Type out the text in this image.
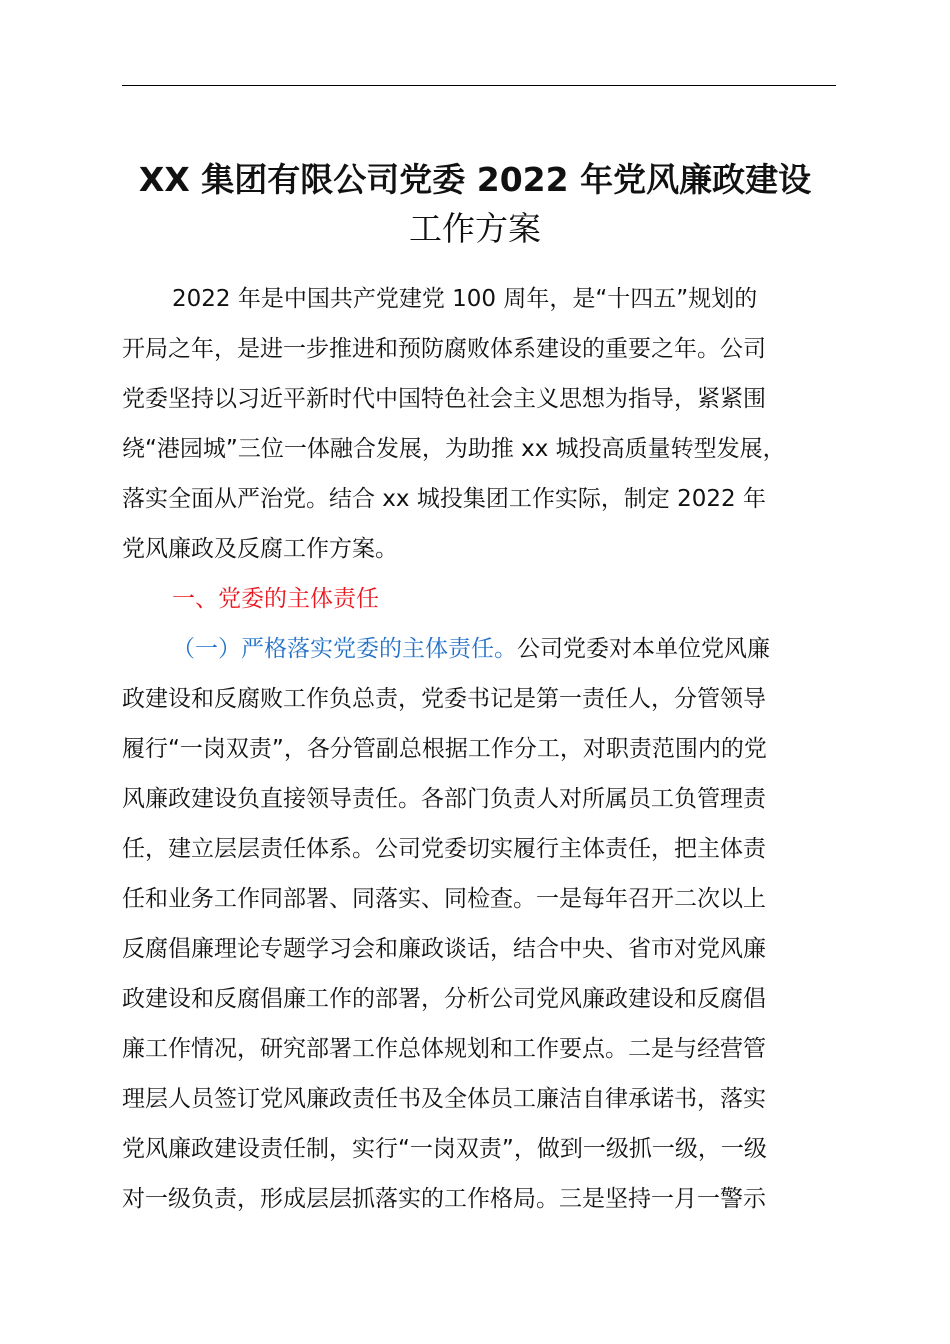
XX 集团有限公司党委 2022 年党风廉政建设
工作方案
2022 年是中国共产党建党 100 周年，是“十四五”规划的
开局之年，是进一步推进和预防腐败体系建设的重要之年。公司
党委坚持以习近平新时代中国特色社会主义思想为指导，紧紧围
绕“港园城”三位一体融合发展，为助推 xx 城投高质量转型发展，
落实全面从严治党。结合 xx 城投集团工作实际，制定 2022 年
党风廉政及反腐工作方案。
一、党委的主体责任
（一）严格落实党委的主体责任。公司党委对本单位党风廉
政建设和反腐败工作负总责，党委书记是第一责任人，分管领导
履行“一岗双责”，各分管副总根据工作分工，对职责范围内的党
风廉政建设负直接领导责任。各部门负责人对所属员工负管理责
任，建立层层责任体系。公司党委切实履行主体责任，把主体责
任和业务工作同部署、同落实、同检查。一是每年召开二次以上
反腐倡廉理论专题学习会和廉政谈话，结合中央、省市对党风廉
政建设和反腐倡廉工作的部署，分析公司党风廉政建设和反腐倡
廉工作情况，研究部署工作总体规划和工作要点。二是与经营管
理层人员签订党风廉政责任书及全体员工廉洁自律承诺书，落实
党风廉政建设责任制，实行“一岗双责”，做到一级抓一级，一级
对一级负责，形成层层抓落实的工作格局。三是坚持一月一警示
